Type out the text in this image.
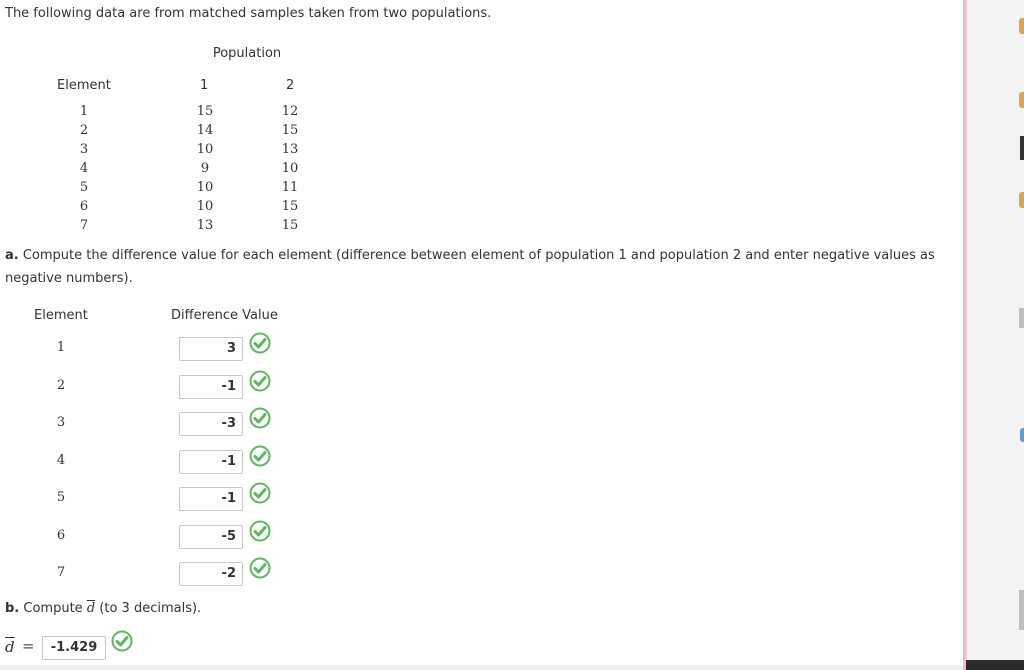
The following data are from matched samples taken from two populations.
Population
Element	1	2
1	15	12
2	14	15
3	10	13
4	9	10
5	10	11
6	10	15
7	13	15
a. Compute the difference value for each element (difference between element of population 1 and population 2 and enter negative values as negative numbers).
Element	Difference Value
1	3
2	-1
3	-3
4	-1
5	-1
6	-5
7	-2
b. Compute $\overline{d}$ (to 3 decimals).
$\overline{d}$ =	-1.429
